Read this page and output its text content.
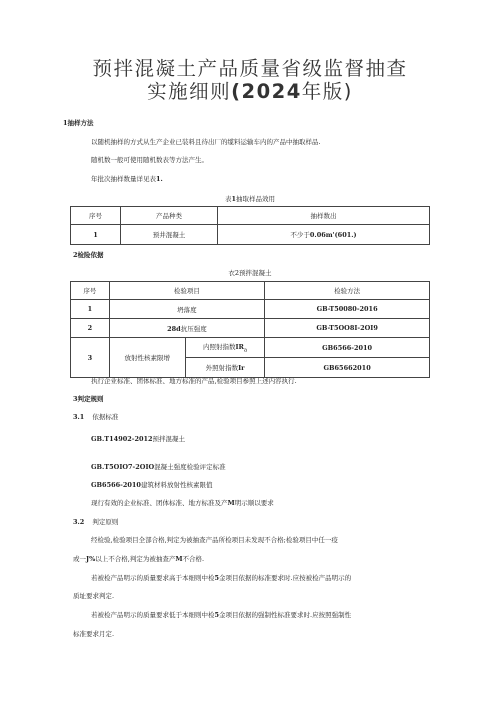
预拌混凝土产品质量省级监督抽查
实施细则(2024年版)
1抽样方法
以随机抽样的方式从生产企业已装料且待出厂的缆料运输车内的产品中抽取样品.
随机数一般可使用随机数表等方法产生。
年批次抽样数量详见表1.
表1抽取样品效用
序号	产品种类	抽样数出
1	预井混凝土	不少于0.06m'(601.)
2检险依据
衣2预拌混凝土
序号	检验项目		检验方法
1	坍落度		GB-T50080-2016
2	28d抗压强度		GB-T5OO8I-2OI9
3	放射性核素限增	内照射指数$IR_a$	GB6566-2010
		外照射指数Ir	GB65662010
执行企业标准、团体标准、地方标准的产品,检验项目参照上述内容执行.
3判定规则
3.1 依据标准
GB.T14902-2012预拌混凝土
GB.T5OIO7-2OIO混凝土强度检验评定标准
GB6566-2010建筑材料放射性核素限值
现行有效的企业标准、团体标准、地方标准及产M明示顺以要求
3.2 判定原则
经检验,检验项目全部合格,判定为被抽查产品所检项目未发现不合格;检验项目中任一疫
或一J%以上不合格,判定为被抽查产M不合格.
若被检产品明示的质量要求高于本细则中检5金项目依据的标准要求时.应按被检产品明示的
质址要求判定.
若被检产品明示的质量要求低于本细则中检5金项目依据的强制性标准要求时.应按照强制性
标准要求月定.
